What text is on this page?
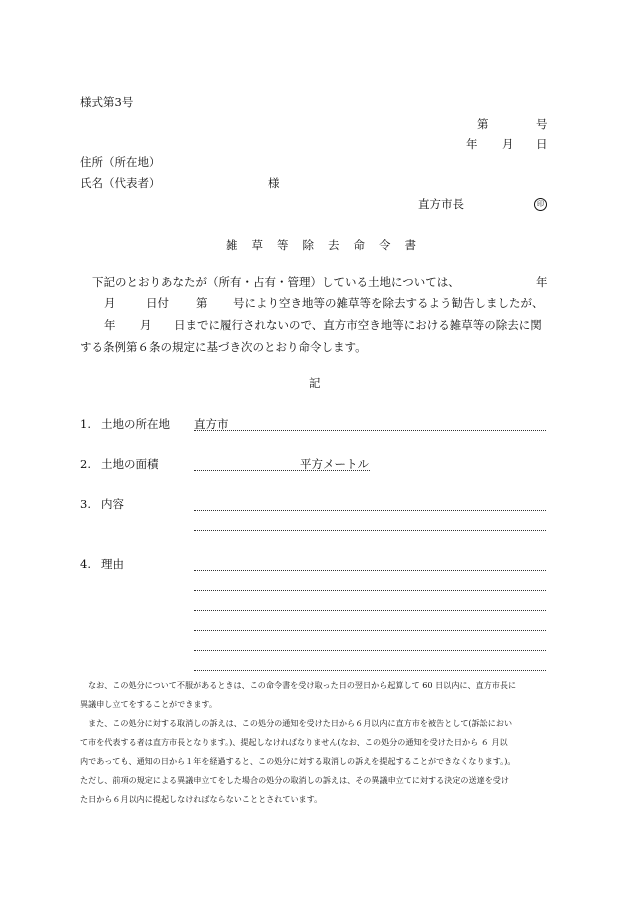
様式第3号
第	号
年 月 日
住所（所在地）
氏名（代表者）	様
直方市長	印
雑 草 等 除 去 命 令 書
下記のとおりあなたが（所有・占有・管理）している土地については、	年
月	日付 第 号により空き地等の雑草等を除去するよう勧告しましたが、
年 月 日までに履行されないので、直方市空き地等における雑草等の除去に関
する条例第６条の規定に基づき次のとおり命令します。
記
1. 土地の所在地 直方市
2. 土地の面積	平方メートル
3. 内容
4. 理由
なお、この処分について不服があるときは、この命令書を受け取った日の翌日から起算して 60 日以内に、直方市長に
異議申し立てをすることができます。
また、この処分に対する取消しの訴えは、この処分の通知を受けた日から６月以内に直方市を被告として(訴訟におい
て市を代表する者は直方市長となります。)、提起しなければなりません(なお、この処分の通知を受けた日から ６ 月以
内であっても、通知の日から１年を経過すると、この処分に対する取消しの訴えを提起することができなくなります。)。
ただし、前項の規定による異議申立てをした場合の処分の取消しの訴えは、その異議申立てに対する決定の送達を受け
た日から６月以内に提起しなければならないこととされています。
